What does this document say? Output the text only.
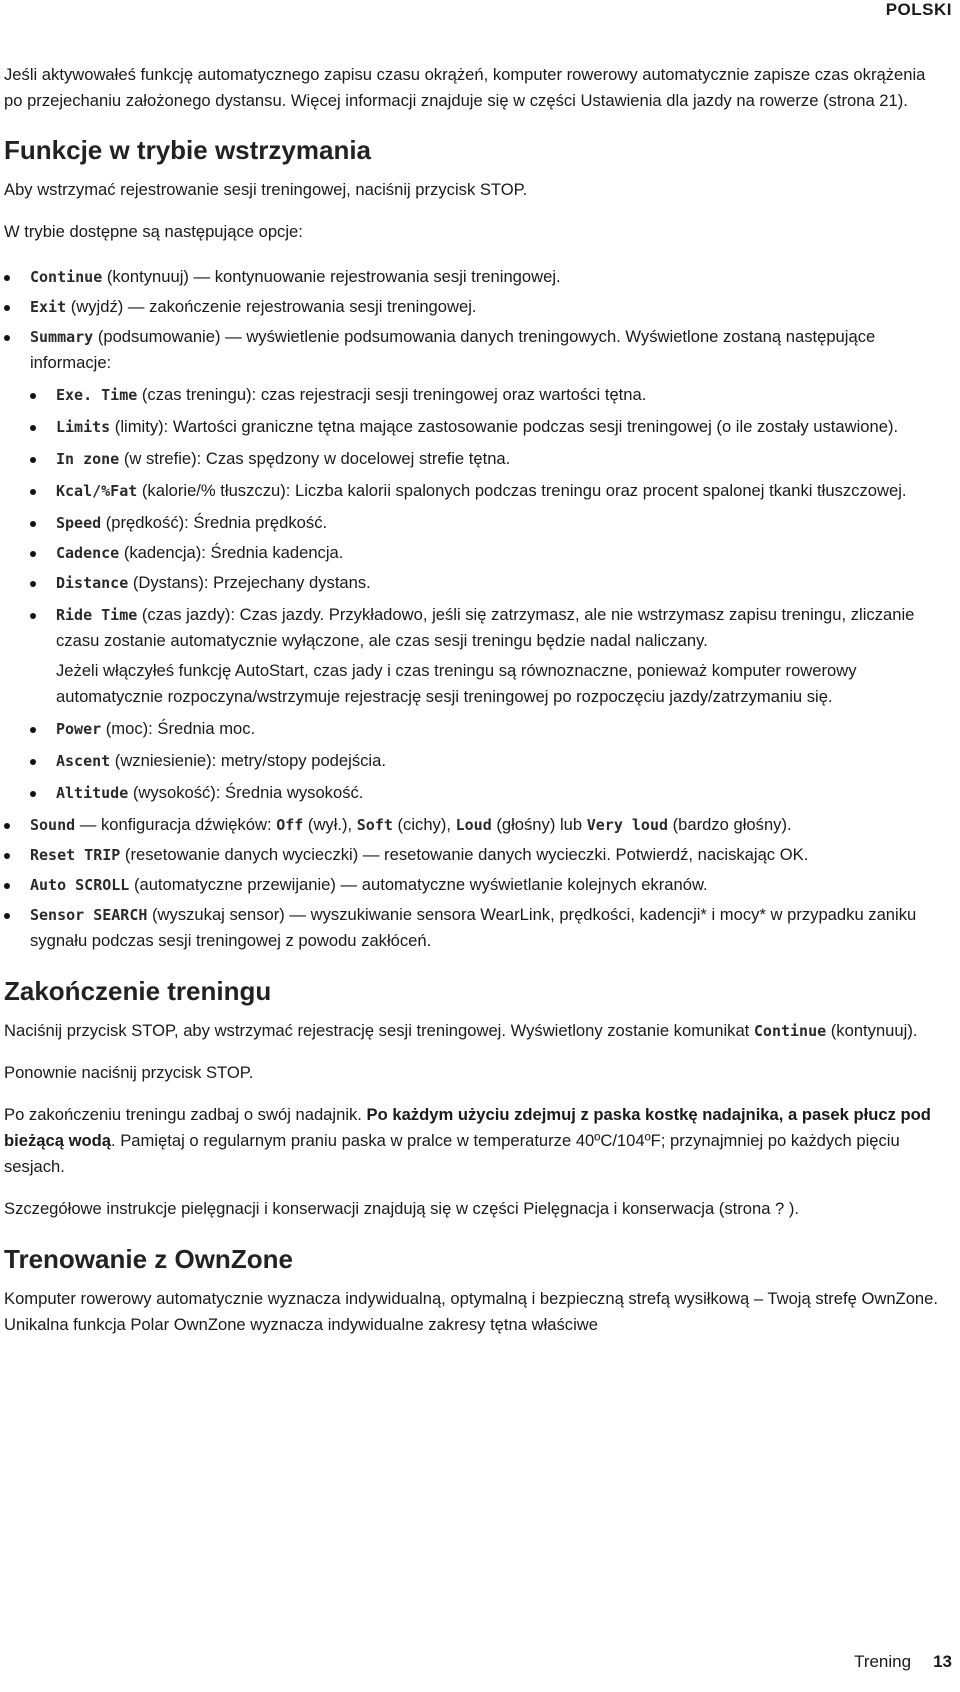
POLSKI

Jeśli aktywowałeś funkcję automatycznego zapisu czasu okrążeń, komputer rowerowy automatycznie zapisze czas okrążenia po przejechaniu założonego dystansu. Więcej informacji znajduje się w części Ustawienia dla jazdy na rowerze (strona 21).

Funkcje w trybie wstrzymania

Aby wstrzymać rejestrowanie sesji treningowej, naciśnij przycisk STOP.

W trybie dostępne są następujące opcje:

Continue (kontynuuj) — kontynuowanie rejestrowania sesji treningowej.
Exit (wyjdź) — zakończenie rejestrowania sesji treningowej.
Summary (podsumowanie) — wyświetlenie podsumowania danych treningowych. Wyświetlone zostaną następujące informacje:
Exe. Time (czas treningu): czas rejestracji sesji treningowej oraz wartości tętna.
Limits (limity): Wartości graniczne tętna mające zastosowanie podczas sesji treningowej (o ile zostały ustawione).
In zone (w strefie): Czas spędzony w docelowej strefie tętna.
Kcal/%Fat (kalorie/% tłuszczu): Liczba kalorii spalonych podczas treningu oraz procent spalonej tkanki tłuszczowej.
Speed (prędkość): Średnia prędkość.
Cadence (kadencja): Średnia kadencja.
Distance (Dystans): Przejechany dystans.
Ride Time (czas jazdy): Czas jazdy. Przykładowo, jeśli się zatrzymasz, ale nie wstrzymasz zapisu treningu, zliczanie czasu zostanie automatycznie wyłączone, ale czas sesji treningu będzie nadal naliczany.

Jeżeli włączyłeś funkcję AutoStart, czas jady i czas treningu są równoznaczne, ponieważ komputer rowerowy automatycznie rozpoczyna/wstrzymuje rejestrację sesji treningowej po rozpoczęciu jazdy/zatrzymaniu się.

Power (moc): Średnia moc.
Ascent (wzniesienie): metry/stopy podejścia.
Altitude (wysokość): Średnia wysokość.
Sound — konfiguracja dźwięków: Off (wył.), Soft (cichy), Loud (głośny) lub Very loud (bardzo głośny).
Reset TRIP (resetowanie danych wycieczki) — resetowanie danych wycieczki. Potwierdź, naciskając OK.
Auto SCROLL (automatyczne przewijanie) — automatyczne wyświetlanie kolejnych ekranów.
Sensor SEARCH (wyszukaj sensor) — wyszukiwanie sensora WearLink, prędkości, kadencji* i mocy* w przypadku zaniku sygnału podczas sesji treningowej z powodu zakłóceń.
Zakończenie treningu

Naciśnij przycisk STOP, aby wstrzymać rejestrację sesji treningowej. Wyświetlony zostanie komunikat Continue (kontynuuj).

Ponownie naciśnij przycisk STOP.

Po zakończeniu treningu zadbaj o swój nadajnik. Po każdym użyciu zdejmuj z paska kostkę nadajnika, a pasek płucz pod bieżącą wodą. Pamiętaj o regularnym praniu paska w pralce w temperaturze 40ºC/104ºF; przynajmniej po każdych pięciu sesjach.

Szczegółowe instrukcje pielęgnacji i konserwacji znajdują się w części Pielęgnacja i konserwacja (strona ? ).

Trenowanie z OwnZone

Komputer rowerowy automatycznie wyznacza indywidualną, optymalną i bezpieczną strefą wysiłkową – Twoją strefę OwnZone. Unikalna funkcja Polar OwnZone wyznacza indywidualne zakresy tętna właściwe

Trening 13
